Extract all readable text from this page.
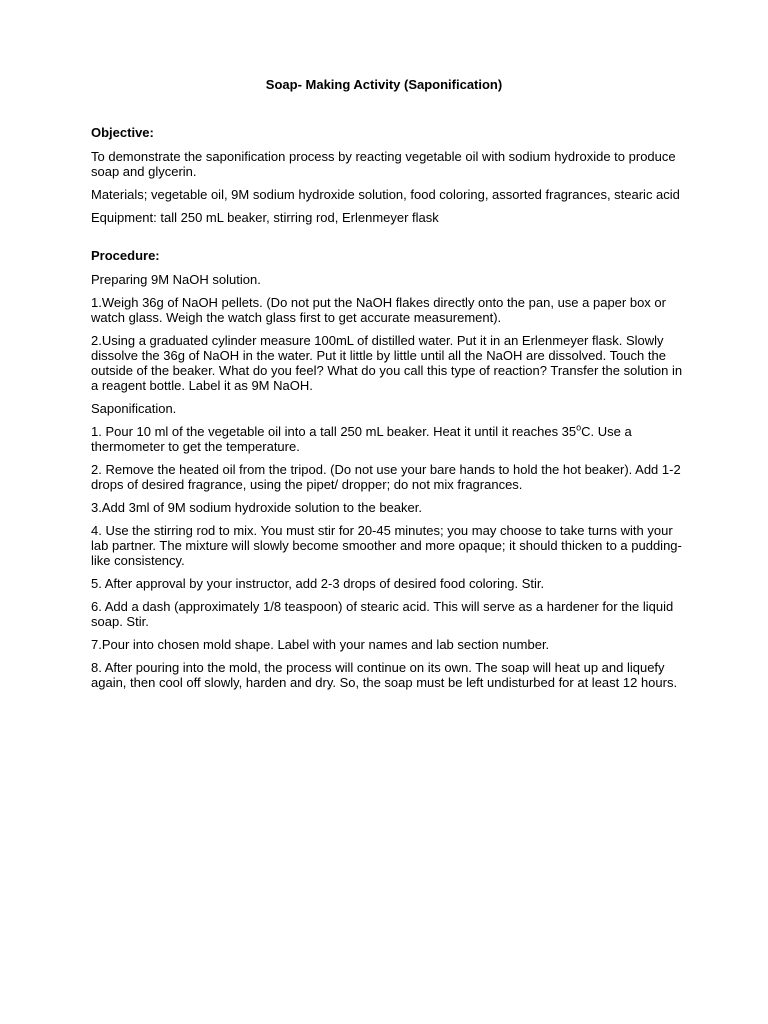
Soap- Making Activity (Saponification)
Objective:

To demonstrate the saponification process by reacting vegetable oil with sodium hydroxide to produce soap and glycerin.

Materials; vegetable oil, 9M sodium hydroxide solution, food coloring, assorted fragrances, stearic acid

Equipment: tall 250 mL beaker, stirring rod, Erlenmeyer flask

Procedure:

Preparing 9M NaOH solution.

1.Weigh 36g of NaOH pellets. (Do not put the NaOH flakes directly onto the pan, use a paper box or watch glass. Weigh the watch glass first to get accurate measurement).

2.Using a graduated cylinder measure 100mL of distilled water. Put it in an Erlenmeyer flask. Slowly dissolve the 36g of NaOH in the water. Put it little by little until all the NaOH are dissolved. Touch the outside of the beaker. What do you feel? What do you call this type of reaction? Transfer the solution in a reagent bottle. Label it as 9M NaOH.

Saponification.

1. Pour 10 ml of the vegetable oil into a tall 250 mL beaker. Heat it until it reaches 35$^o$C. Use a thermometer to get the temperature.

2. Remove the heated oil from the tripod. (Do not use your bare hands to hold the hot beaker). Add 1-2 drops of desired fragrance, using the pipet/ dropper; do not mix fragrances.

3.Add 3ml of 9M sodium hydroxide solution to the beaker.

4. Use the stirring rod to mix. You must stir for 20-45 minutes; you may choose to take turns with your lab partner. The mixture will slowly become smoother and more opaque; it should thicken to a pudding-like consistency.

5. After approval by your instructor, add 2-3 drops of desired food coloring. Stir.

6. Add a dash (approximately 1/8 teaspoon) of stearic acid. This will serve as a hardener for the liquid soap. Stir.

7.Pour into chosen mold shape. Label with your names and lab section number.

8. After pouring into the mold, the process will continue on its own. The soap will heat up and liquefy again, then cool off slowly, harden and dry. So, the soap must be left undisturbed for at least 12 hours.
